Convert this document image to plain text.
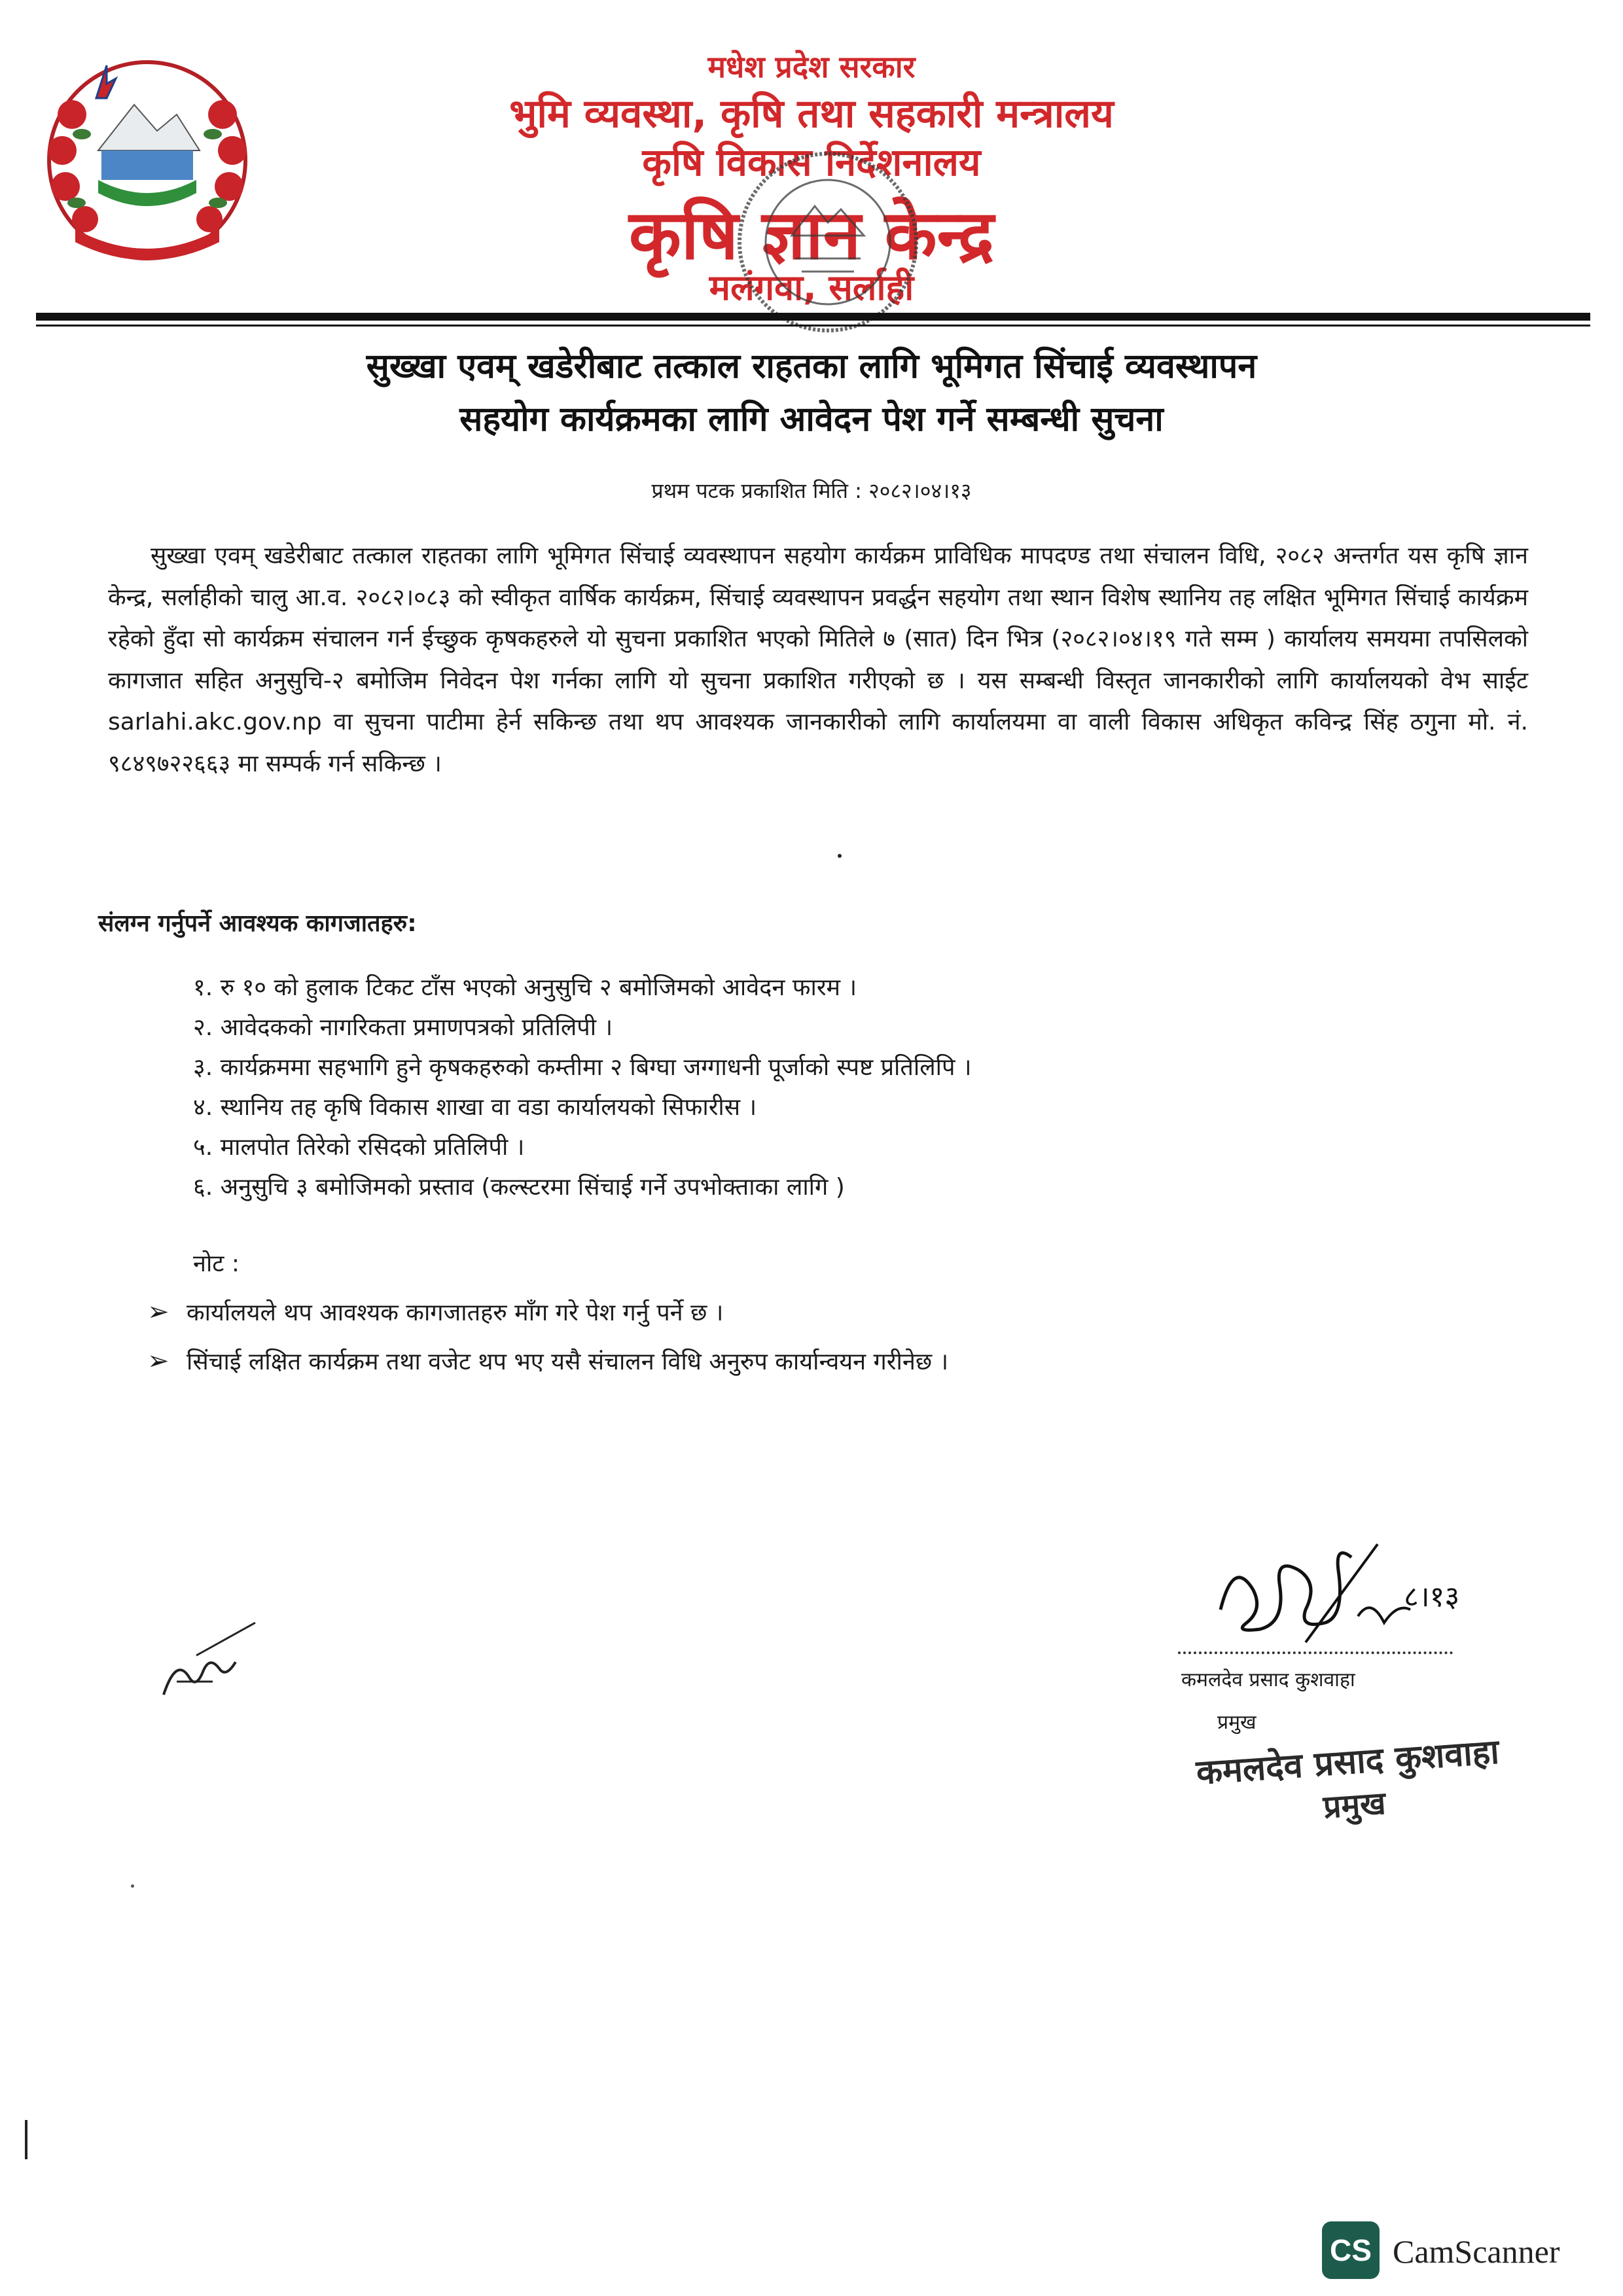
मधेश प्रदेश सरकार
भुमि व्यवस्था, कृषि तथा सहकारी मन्त्रालय
कृषि विकास निर्देशनालय
कृषि ज्ञान केन्द्र
मलंगवा, सर्लाही
सुख्खा एवम् खडेरीबाट तत्काल राहतका लागि भूमिगत सिंचाई व्यवस्थापन
सहयोग कार्यक्रमका लागि आवेदन पेश गर्ने सम्बन्धी सुचना
प्रथम पटक प्रकाशित मिति : २०८२।०४।१३
सुख्खा एवम् खडेरीबाट तत्काल राहतका लागि भूमिगत सिंचाई व्यवस्थापन सहयोग कार्यक्रम प्राविधिक मापदण्ड तथा संचालन विधि, २०८२ अन्तर्गत यस कृषि ज्ञान केन्द्र, सर्लाहीको चालु आ.व. २०८२।०८३ को स्वीकृत वार्षिक कार्यक्रम, सिंचाई व्यवस्थापन प्रवर्द्धन सहयोग तथा स्थान विशेष स्थानिय तह लक्षित भूमिगत सिंचाई कार्यक्रम रहेको हुँदा सो कार्यक्रम संचालन गर्न ईच्छुक कृषकहरुले यो सुचना प्रकाशित भएको मितिले ७ (सात) दिन भित्र (२०८२।०४।१९ गते सम्म ) कार्यालय समयमा तपसिलको कागजात सहित अनुसुचि-२ बमोजिम निवेदन पेश गर्नका लागि यो सुचना प्रकाशित गरीएको छ । यस सम्बन्धी विस्तृत जानकारीको लागि कार्यालयको वेभ साईट sarlahi.akc.gov.np वा सुचना पाटीमा हेर्न सकिन्छ तथा थप आवश्यक जानकारीको लागि कार्यालयमा वा वाली विकास अधिकृत कविन्द्र सिंह ठगुना मो. नं. ९८४९७२२६६३ मा सम्पर्क गर्न सकिन्छ ।
संलग्न गर्नुपर्ने आवश्यक कागजातहरु:
१. रु १० को हुलाक टिकट टाँस भएको अनुसुचि २ बमोजिमको आवेदन फारम ।
२. आवेदकको नागरिकता प्रमाणपत्रको प्रतिलिपी ।
३. कार्यक्रममा सहभागि हुने कृषकहरुको कम्तीमा २ बिग्घा जग्गाधनी पूर्जाको स्पष्ट प्रतिलिपि ।
४. स्थानिय तह कृषि विकास शाखा वा वडा कार्यालयको सिफारीस ।
५. मालपोत तिरेको रसिदको प्रतिलिपी ।
६. अनुसुचि ३ बमोजिमको प्रस्ताव (कल्स्टरमा सिंचाई गर्ने उपभोक्ताका लागि )
नोट :
➢ कार्यालयले थप आवश्यक कागजातहरु माँग गरे पेश गर्नु पर्ने छ ।
➢ सिंचाई लक्षित कार्यक्रम तथा वजेट थप भए यसै संचालन विधि अनुरुप कार्यान्वयन गरीनेछ ।
८।१३
कमलदेव प्रसाद कुशवाहा
प्रमुख
कमलदेव प्रसाद कुशवाहा
प्रमुख
CS CamScanner
